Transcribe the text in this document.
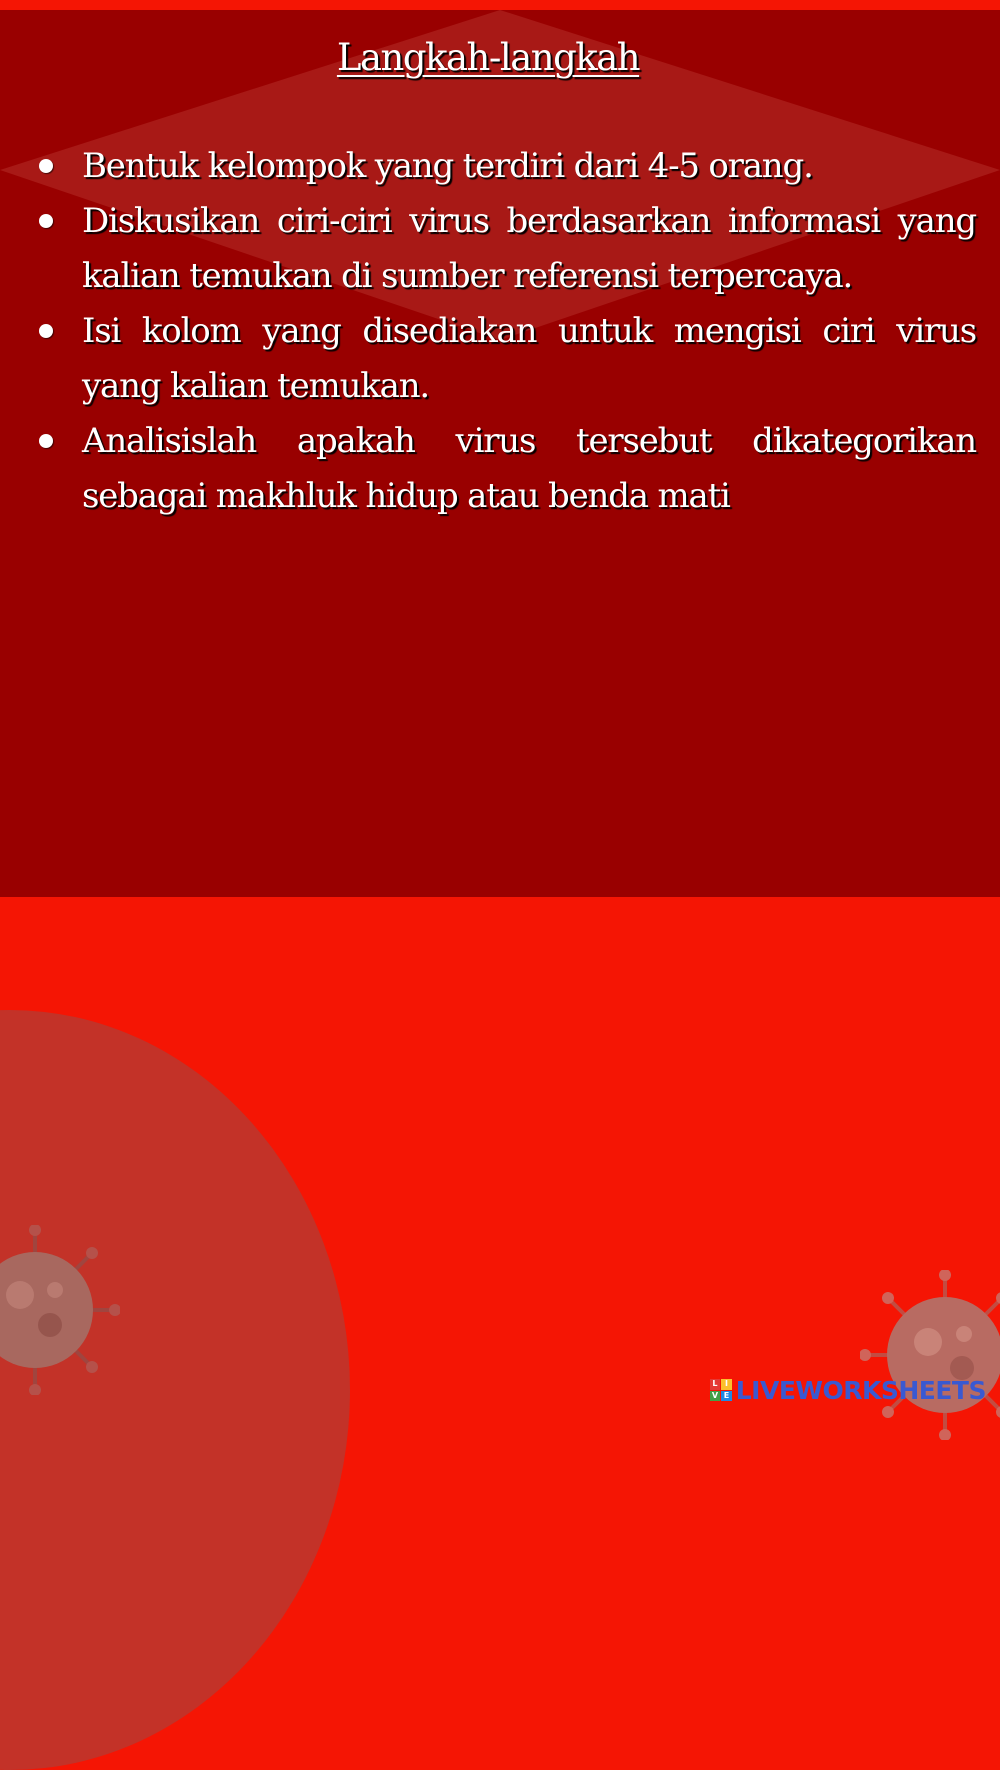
Langkah-langkah
Bentuk kelompok yang terdiri dari 4-5 orang.
Diskusikan ciri-ciri virus berdasarkan informasi yang kalian temukan di sumber referensi terpercaya.
Isi kolom yang disediakan untuk mengisi ciri virus yang kalian temukan.
Analisislah apakah virus tersebut dikategorikan sebagai makhluk hidup atau benda mati
L I
V E LIVEWORKSHEETS
